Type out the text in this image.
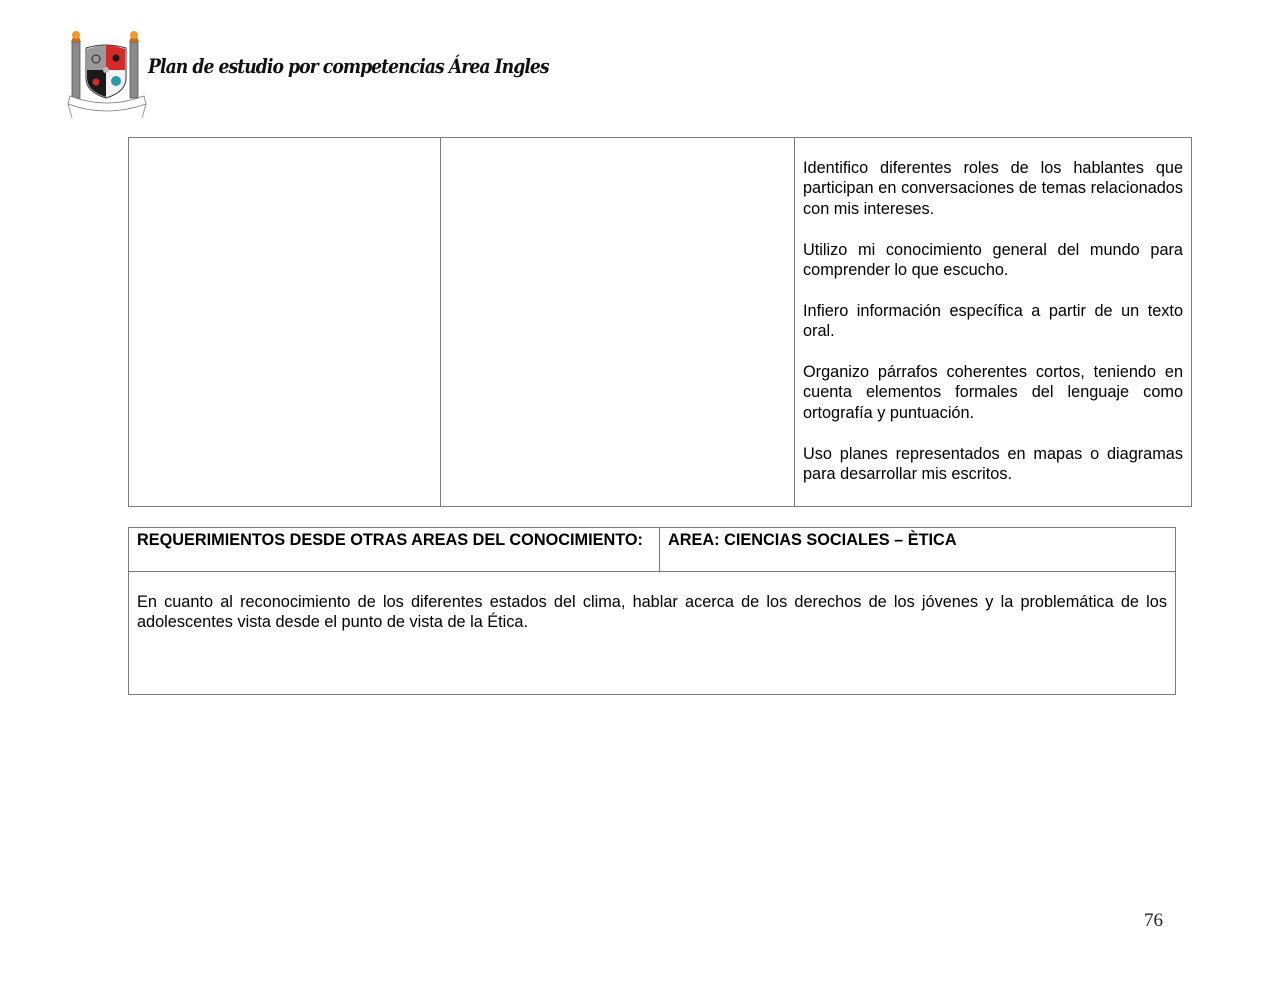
Plan de estudio por competencias Área Ingles

Identifico diferentes roles de los hablantes que participan en conversaciones de temas relacionados con mis intereses.

Utilizo mi conocimiento general del mundo para comprender lo que escucho.

Infiero información específica a partir de un texto oral.

Organizo párrafos coherentes cortos, teniendo en cuenta elementos formales del lenguaje como ortografía y puntuación.

Uso planes representados en mapas o diagramas para desarrollar mis escritos.

REQUERIMIENTOS DESDE OTRAS AREAS DEL CONOCIMIENTO:	AREA: CIENCIAS SOCIALES – ÈTICA
En cuanto al reconocimiento de los diferentes estados del clima, hablar acerca de los derechos de los jóvenes y la problemática de los adolescentes vista desde el punto de vista de la Ética.
76
